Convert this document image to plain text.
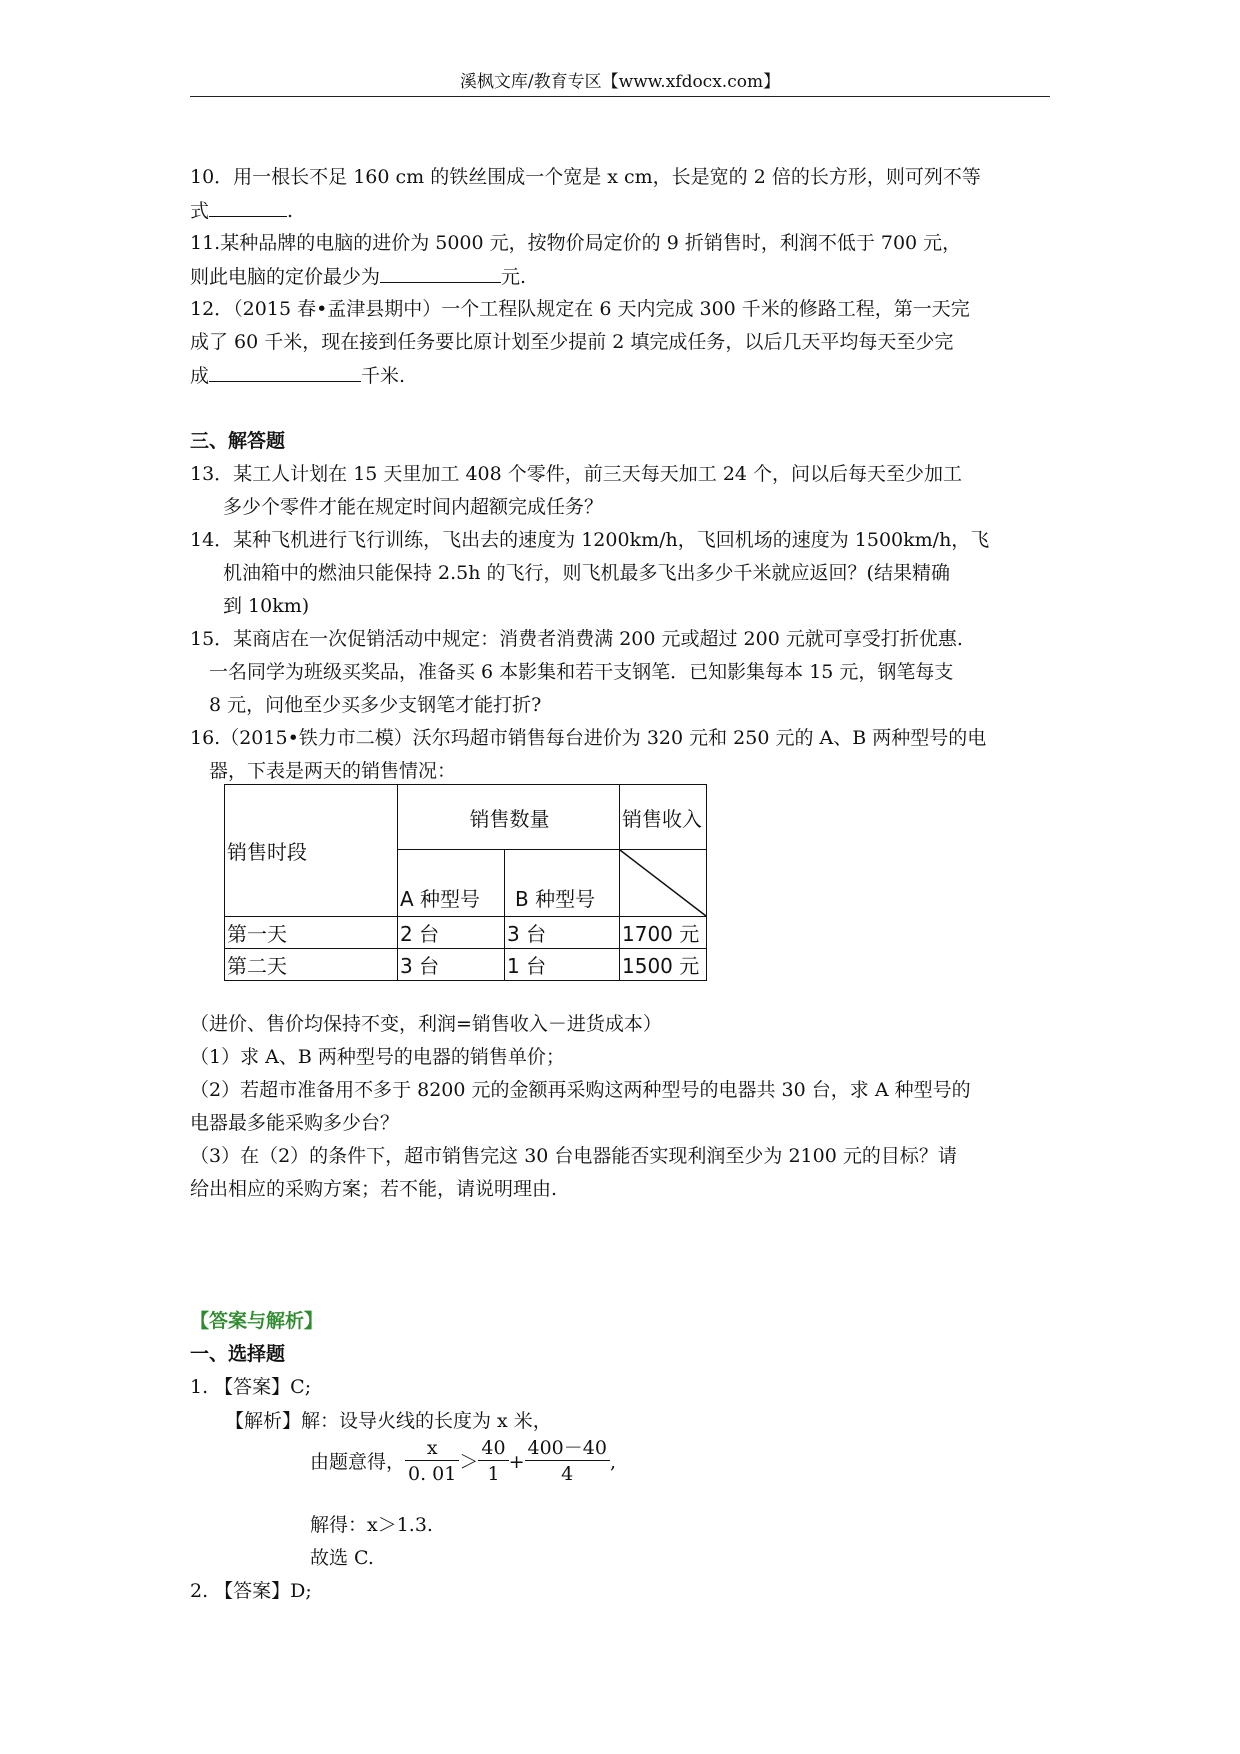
溪枫文库/教育专区【www.xfdocx.com】
10．用一根长不足 160 cm 的铁丝围成一个宽是 x cm，长是宽的 2 倍的长方形，则可列不等
式	.
11.某种品牌的电脑的进价为 5000 元，按物价局定价的 9 折销售时，利润不低于 700 元，
则此电脑的定价最少为	元.
12．（2015 春•孟津县期中）一个工程队规定在 6 天内完成 300 千米的修路工程，第一天完
成了 60 千米，现在接到任务要比原计划至少提前 2 填完成任务，以后几天平均每天至少完
成	千米.
三、解答题
13．某工人计划在 15 天里加工 408 个零件，前三天每天加工 24 个，问以后每天至少加工
多少个零件才能在规定时间内超额完成任务？
14．某种飞机进行飞行训练，飞出去的速度为 1200km/h，飞回机场的速度为 1500km/h，飞
机油箱中的燃油只能保持 2.5h 的飞行，则飞机最多飞出多少千米就应返回？(结果精确
到 10km)
15．某商店在一次促销活动中规定：消费者消费满 200 元或超过 200 元就可享受打折优惠.
一名同学为班级买奖品，准备买 6 本影集和若干支钢笔．已知影集每本 15 元，钢笔每支
8 元，问他至少买多少支钢笔才能打折?
16.（2015•铁力市二模）沃尔玛超市销售每台进价为 320 元和 250 元的 A、B 两种型号的电
器，下表是两天的销售情况：
销售时段	销售数量		销售收入
	A 种型号	B 种型号	

第一天	2 台	3 台	1700 元
第二天	3 台	1 台	1500 元
（进价、售价均保持不变，利润=销售收入－进货成本）
（1）求 A、B 两种型号的电器的销售单价；
（2）若超市准备用不多于 8200 元的金额再采购这两种型号的电器共 30 台，求 A 种型号的
电器最多能采购多少台？
（3）在（2）的条件下，超市销售完这 30 台电器能否实现利润至少为 2100 元的目标？请
给出相应的采购方案；若不能，请说明理由.
【答案与解析】
一、选择题
1. 【答案】C;
【解析】解：设导火线的长度为 x 米，
由题意得， $\frac{x}{0. 01} > \frac{40}{1} + \frac{400-40}{4}$ ,
解得：x＞1.3.
故选 C.
2. 【答案】D;
